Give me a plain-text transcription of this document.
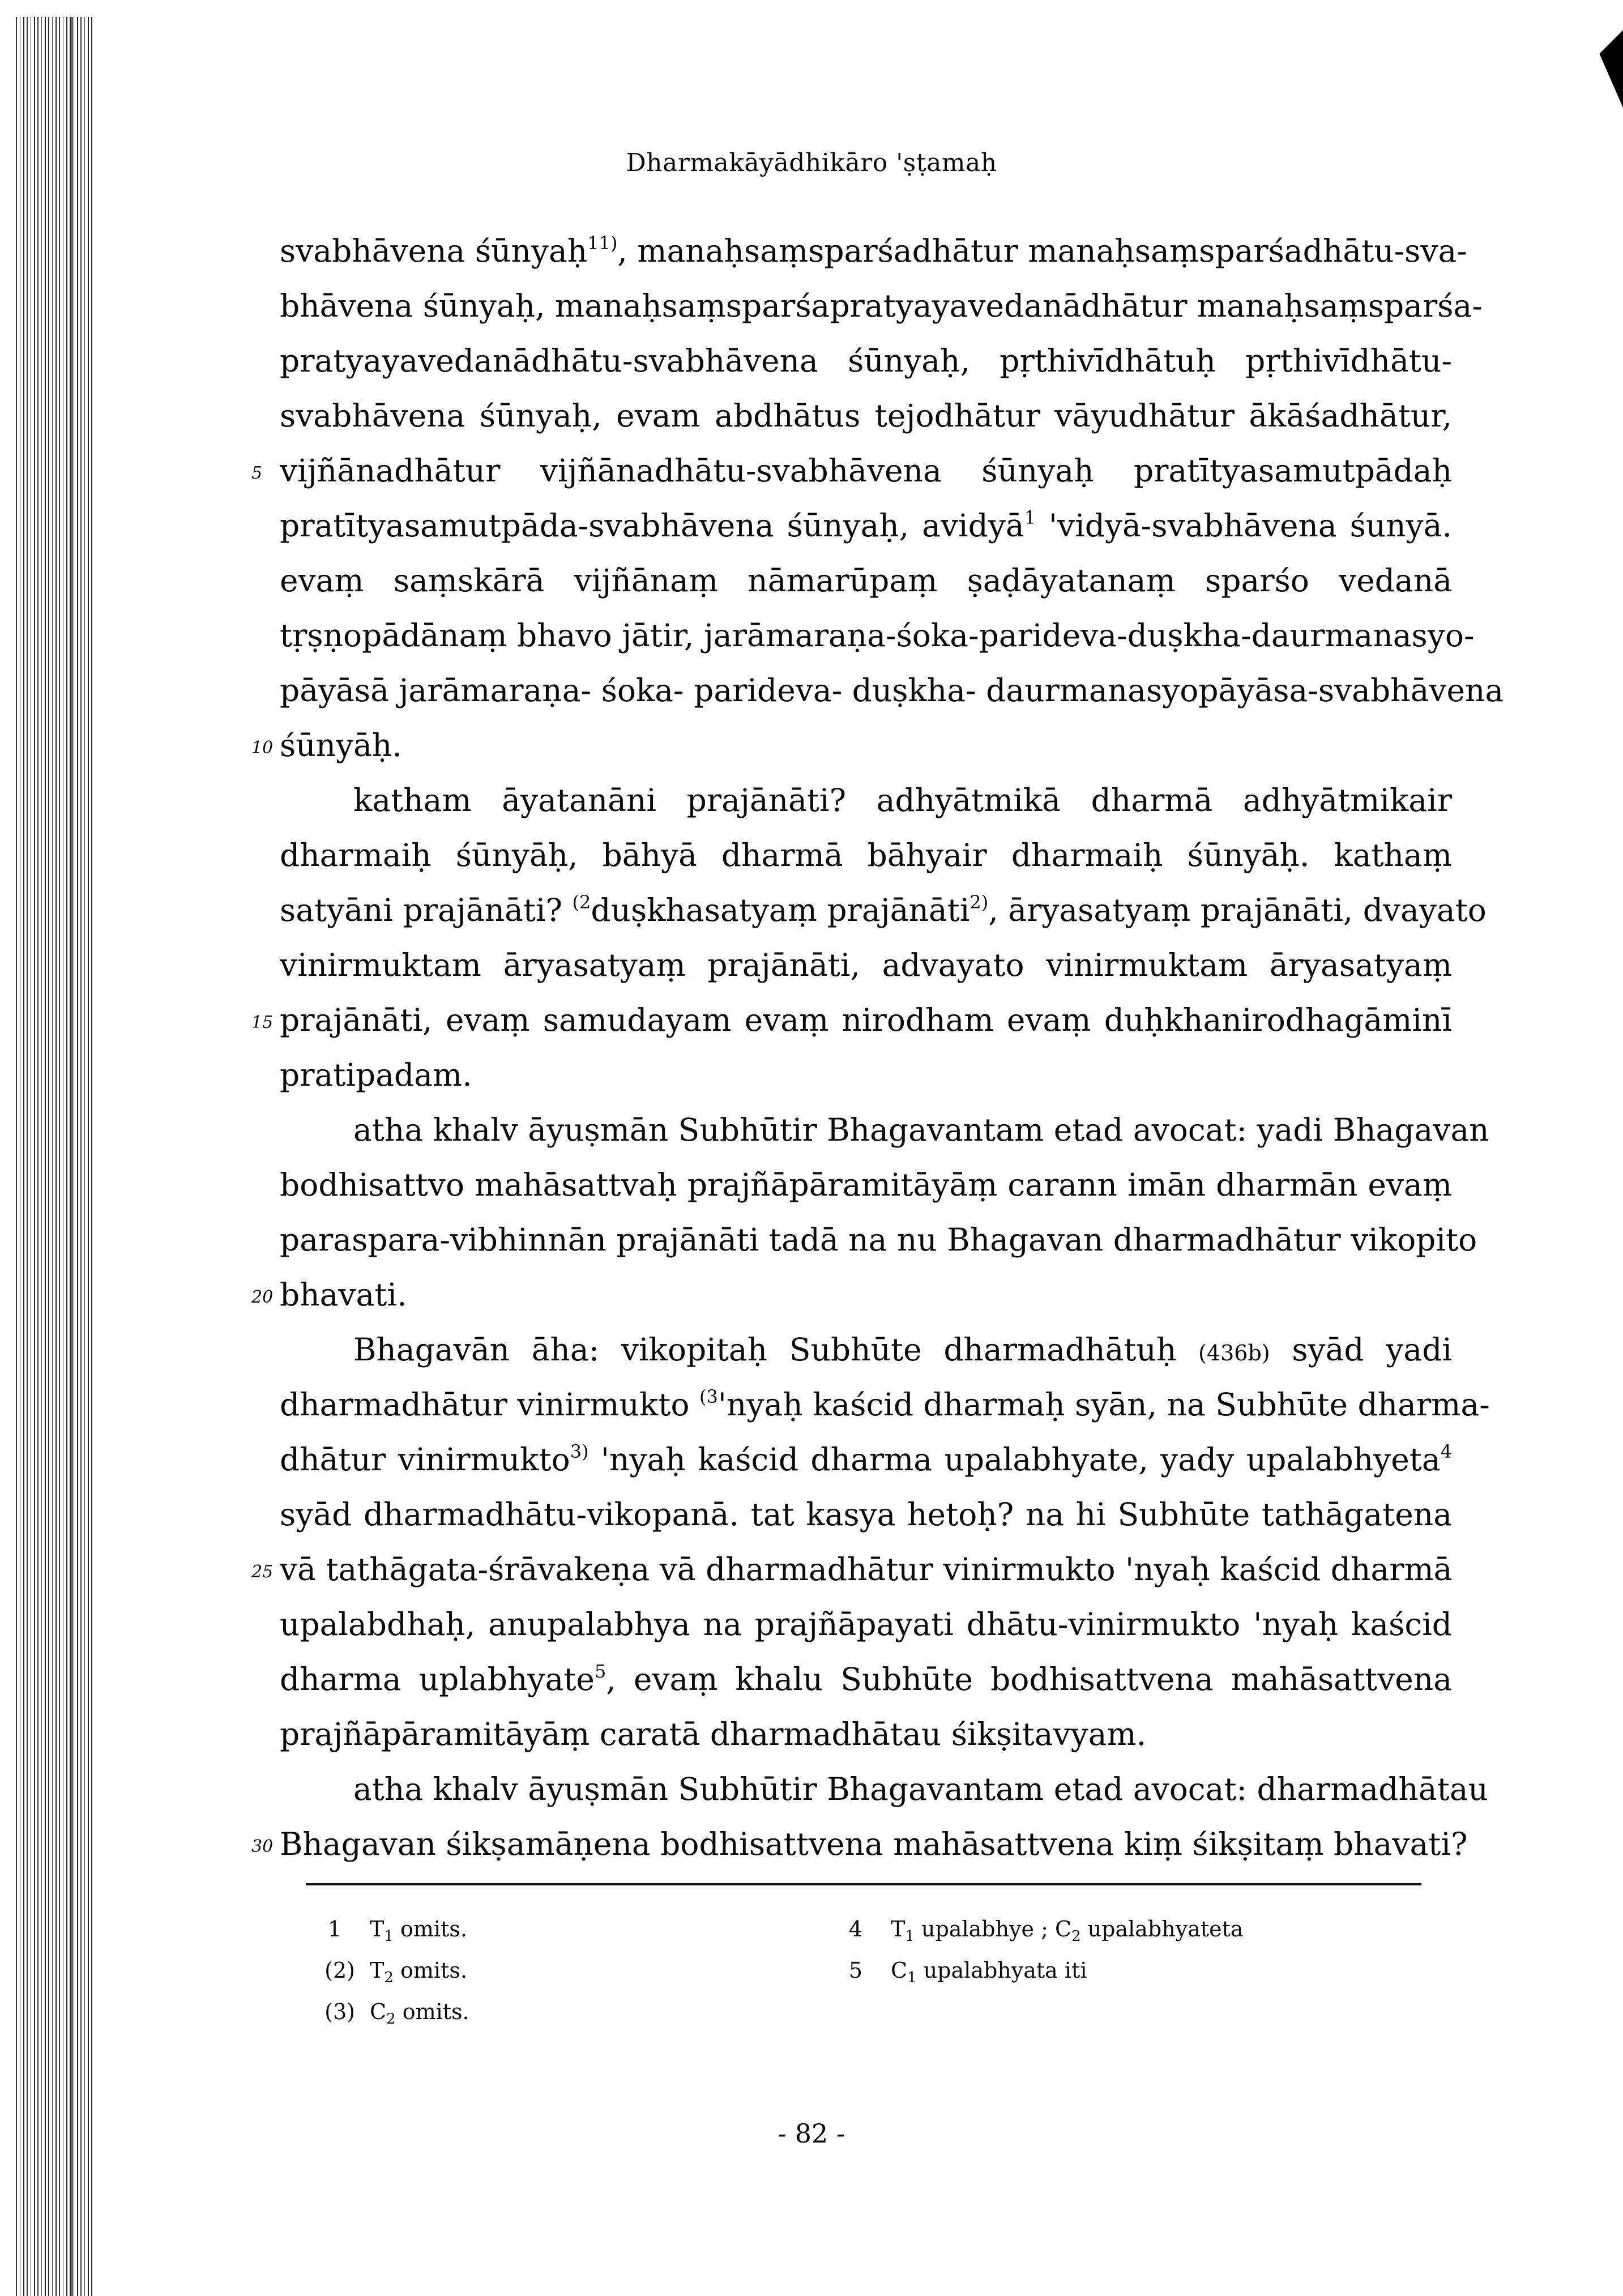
Dharmakāyādhikāro 'ṣṭamaḥ
svabhāvena śūnyaḥ$^{11)}$, manaḥsaṃsparśadhātur manaḥsaṃsparśadhātu-sva-
bhāvena śūnyaḥ, manaḥsaṃsparśapratyayavedanādhātur manaḥsaṃsparśa-
pratyayavedanādhātu-svabhāvena śūnyaḥ, pṛthivīdhātuḥ pṛthivīdhātu-
svabhāvena śūnyaḥ, evam abdhātus tejodhātur vāyudhātur ākāśadhātur,
5 vijñānadhātur vijñānadhātu-svabhāvena śūnyaḥ pratītyasamutpādaḥ
pratītyasamutpāda-svabhāvena śūnyaḥ, avidyā$^1$ 'vidyā-svabhāvena śunyā.
evaṃ saṃskārā vijñānaṃ nāmarūpaṃ ṣaḍāyatanaṃ sparśo vedanā
tṛṣṇopādānaṃ bhavo jātir, jarāmaraṇa-śoka-parideva-duṣkha-daurmanasyo-
pāyāsā jarāmaraṇa- śoka- parideva- duṣkha- daurmanasyopāyāsa-svabhāvena
10 śūnyāḥ.
katham āyatanāni prajānāti? adhyātmikā dharmā adhyātmikair
dharmaiḥ śūnyāḥ, bāhyā dharmā bāhyair dharmaiḥ śūnyāḥ. kathaṃ
satyāni prajānāti? $^{(2}$duṣkhasatyaṃ prajānāti$^{2)}$, āryasatyaṃ prajānāti, dvayato
vinirmuktam āryasatyaṃ prajānāti, advayato vinirmuktam āryasatyaṃ
15 prajānāti, evaṃ samudayam evaṃ nirodham evaṃ duḥkhanirodhagāminī
pratipadam.
atha khalv āyuṣmān Subhūtir Bhagavantam etad avocat: yadi Bhagavan
bodhisattvo mahāsattvaḥ prajñāpāramitāyāṃ carann imān dharmān evaṃ
paraspara-vibhinnān prajānāti tadā na nu Bhagavan dharmadhātur vikopito
20 bhavati.
Bhagavān āha: vikopitaḥ Subhūte dharmadhātuḥ (436b) syād yadi
dharmadhātur vinirmukto $^{(3}$'nyaḥ kaścid dharmaḥ syān, na Subhūte dharma-
dhātur vinirmukto$^{3)}$ 'nyaḥ kaścid dharma upalabhyate, yady upalabhyeta$^4$
syād dharmadhātu-vikopanā. tat kasya hetoḥ? na hi Subhūte tathāgatena
25 vā tathāgata-śrāvakeṇa vā dharmadhātur vinirmukto 'nyaḥ kaścid dharmā
upalabdhaḥ, anupalabhya na prajñāpayati dhātu-vinirmukto 'nyaḥ kaścid
dharma uplabhyate$^5$, evaṃ khalu Subhūte bodhisattvena mahāsattvena
prajñāpāramitāyāṃ caratā dharmadhātau śikṣitavyam.
atha khalv āyuṣmān Subhūtir Bhagavantam etad avocat: dharmadhātau
30 Bhagavan śikṣamāṇena bodhisattvena mahāsattvena kiṃ śikṣitaṃ bhavati?
1	$T_1$ omits.
(2) $T_2$ omits.
(3) $C_2$ omits.
4	$T_1$ upalabhye ; $C_2$ upalabhyateta
5	$C_1$ upalabhyata iti
- 82 -
